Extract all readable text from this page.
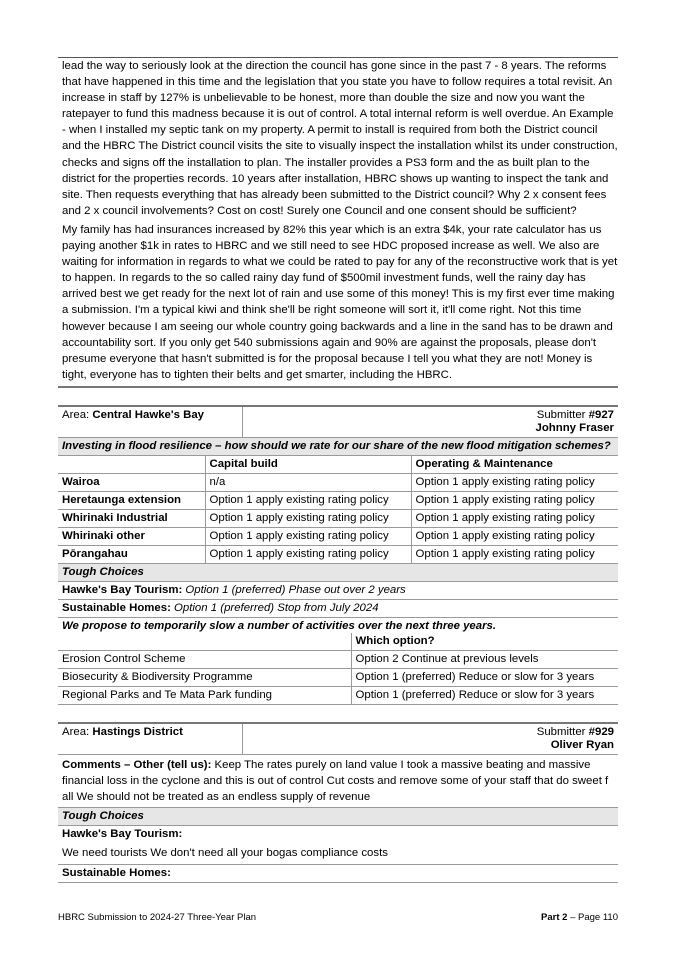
lead the way to seriously look at the direction the council has gone since in the past 7 - 8 years. The reforms that have happened in this time and the legislation that you state you have to follow requires a total revisit. An increase in staff by 127% is unbelievable to be honest, more than double the size and now you want the ratepayer to fund this madness because it is out of control. A total internal reform is well overdue. An Example - when I installed my septic tank on my property. A permit to install is required from both the District council and the HBRC The District council visits the site to visually inspect the installation whilst its under construction, checks and signs off the installation to plan. The installer provides a PS3 form and the as built plan to the district for the properties records. 10 years after installation, HBRC shows up wanting to inspect the tank and site. Then requests everything that has already been submitted to the District council? Why 2 x consent fees and 2 x council involvements? Cost on cost! Surely one Council and one consent should be sufficient?

My family has had insurances increased by 82% this year which is an extra $4k, your rate calculator has us paying another $1k in rates to HBRC and we still need to see HDC proposed increase as well. We also are waiting for information in regards to what we could be rated to pay for any of the reconstructive work that is yet to happen. In regards to the so called rainy day fund of $500mil investment funds, well the rainy day has arrived best we get ready for the next lot of rain and use some of this money! This is my first ever time making a submission. I'm a typical kiwi and think she'll be right someone will sort it, it'll come right. Not this time however because I am seeing our whole country going backwards and a line in the sand has to be drawn and accountability sort. If you only get 540 submissions again and 90% are against the proposals, please don't presume everyone that hasn't submitted is for the proposal because I tell you what they are not! Money is tight, everyone has to tighten their belts and get smarter, including the HBRC.

Area: Central Hawke's Bay		Submitter #927
Johnny Fraser	
Investing in flood resilience – how should we rate for our share of the new flood mitigation schemes?			
	Capital build		Operating & Maintenance
Wairoa	n/a		Option 1 apply existing rating policy
Heretaunga extension	Option 1 apply existing rating policy		Option 1 apply existing rating policy
Whirinaki Industrial	Option 1 apply existing rating policy		Option 1 apply existing rating policy
Whirinaki other	Option 1 apply existing rating policy		Option 1 apply existing rating policy
Pōrangahau	Option 1 apply existing rating policy		Option 1 apply existing rating policy
Tough Choices			
Hawke's Bay Tourism: Option 1 (preferred) Phase out over 2 years			
Sustainable Homes: Option 1 (preferred) Stop from July 2024			
We propose to temporarily slow a number of activities over the next three years.	
	Which option?
Erosion Control Scheme	Option 2 Continue at previous levels
Biosecurity & Biodiversity Programme	Option 1 (preferred) Reduce or slow for 3 years
Regional Parks and Te Mata Park funding	Option 1 (preferred) Reduce or slow for 3 years
Area: Hastings District	Submitter #929
Oliver Ryan
Comments – Other (tell us): Keep The rates purely on land value I took a massive beating and massive financial loss in the cyclone and this is out of control Cut costs and remove some of your staff that do sweet f all We should not be treated as an endless supply of revenue
Tough Choices
Hawke's Bay Tourism:
We need tourists We don't need all your bogas compliance costs
Sustainable Homes:
HBRC Submission to 2024-27 Three-Year Plan	Part 2 – Page 110
